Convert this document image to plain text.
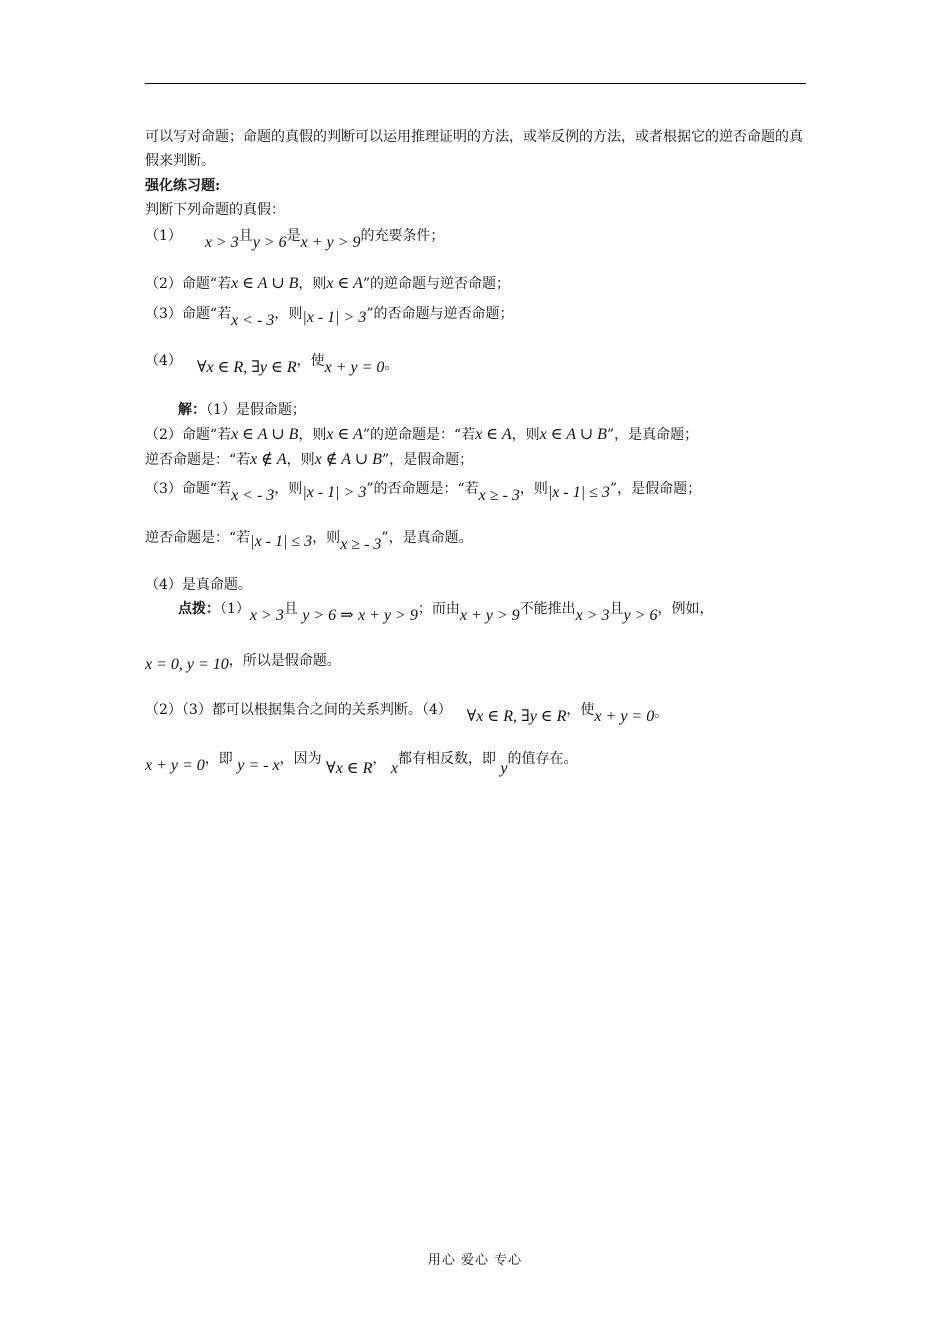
可以写对命题；命题的真假的判断可以运用推理证明的方法，或举反例的方法，或者根据它的逆否命题的真假来判断。
强化练习题:
判断下列命题的真假：
（1） x > 3且y > 6是x + y > 9的充要条件；
（2）命题“若x ∈ A ∪ B，则x ∈ A”的逆命题与逆否命题；
（3）命题“若x < - 3，则|x - 1| > 3”的否命题与逆否命题；
（4） ∀x ∈ R, ∃y ∈ R，使x + y = 0。
解：（1）是假命题；
（2）命题“若x ∈ A ∪ B，则x ∈ A”的逆命题是：“若x ∈ A，则x ∈ A ∪ B”，是真命题；
逆否命题是：“若x ∉ A，则x ∉ A ∪ B”，是假命题；
（3）命题“若x < - 3，则|x - 1| > 3”的否命题是：“若x ≥ - 3，则|x - 1| ≤ 3”，是假命题；
逆否命题是：“若|x - 1| ≤ 3，则x ≥ - 3”，是真命题。
（4）是真命题。
点拨：（1）x > 3且 y > 6 ⇒ x + y > 9；而由x + y > 9不能推出x > 3且y > 6，例如，
x = 0, y = 10，所以是假命题。
（2）（3）都可以根据集合之间的关系判断。（4） ∀x ∈ R, ∃y ∈ R，使x + y = 0。
x + y = 0，即 y = - x，因为 ∀x ∈ R， x都有相反数，即 y的值存在。
用心 爱心 专心
